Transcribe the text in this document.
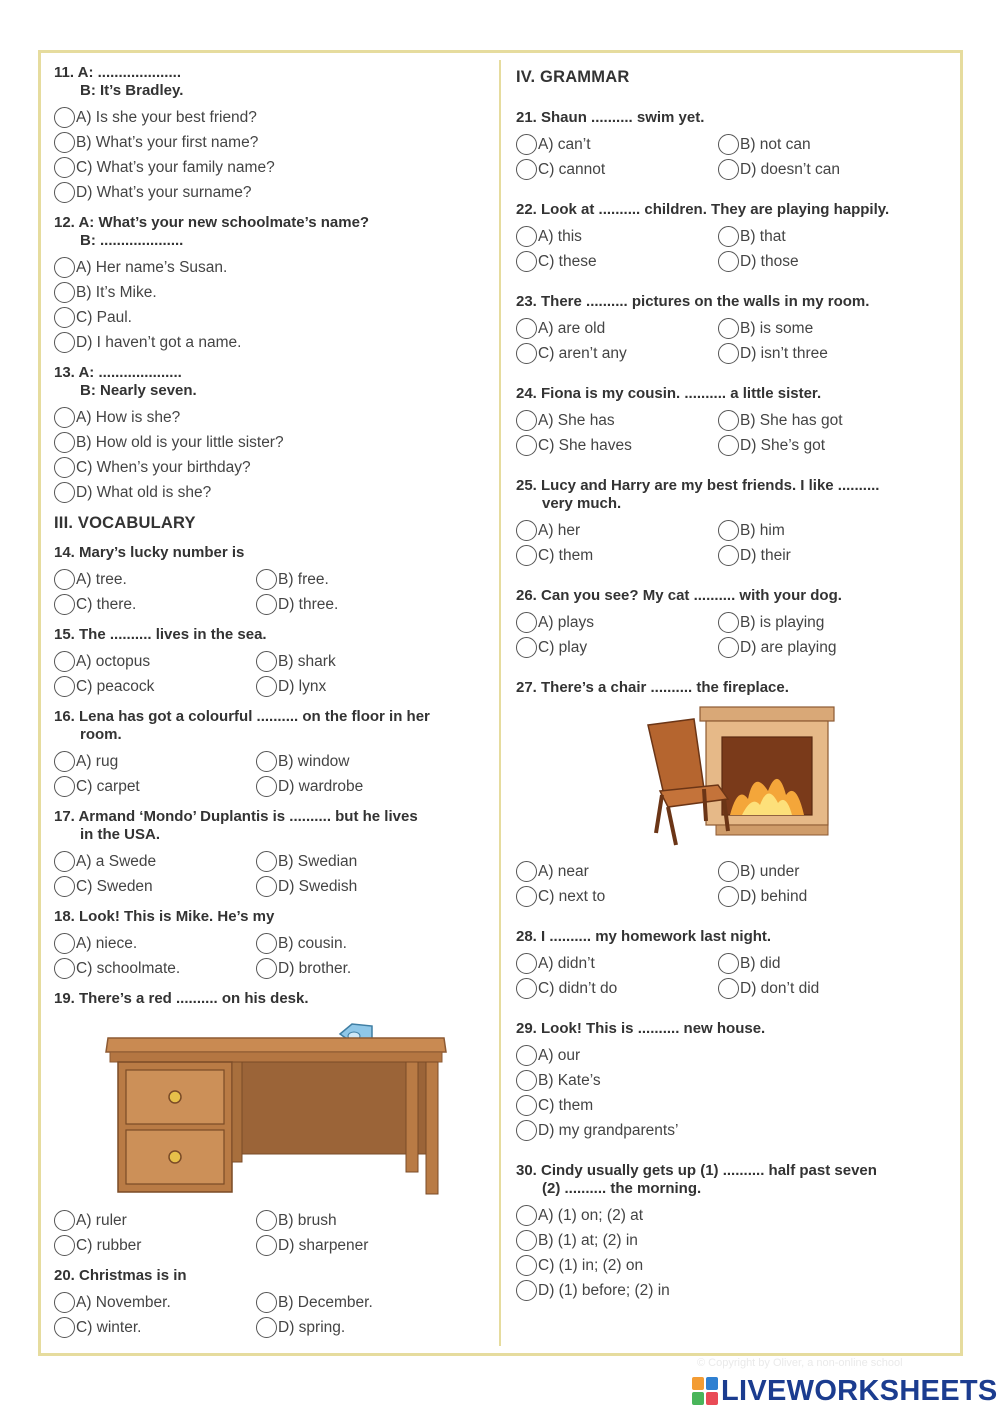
11. A: ....................
B: It’s Bradley.
A) Is she your best friend?
B) What’s your first name?
C) What’s your family name?
D) What’s your surname?
12. A: What’s your new schoolmate’s name?
B: ....................
A) Her name’s Susan.
B) It’s Mike.
C) Paul.
D) I haven’t got a name.
13. A: ....................
B: Nearly seven.
A) How is she?
B) How old is your little sister?
C) When’s your birthday?
D) What old is she?
III. VOCABULARY
14. Mary’s lucky number is
A) tree.	B) free.
C) there.	D) three.
15. The .......... lives in the sea.
A) octopus	B) shark
C) peacock	D) lynx
16. Lena has got a colourful .......... on the floor in her
room.
A) rug	B) window
C) carpet	D) wardrobe
17. Armand ‘Mondo’ Duplantis is .......... but he lives
in the USA.
A) a Swede	B) Swedian
C) Sweden	D) Swedish
18. Look! This is Mike. He’s my
A) niece.	B) cousin.
C) schoolmate.	D) brother.
19. There’s a red .......... on his desk.
A) ruler	B) brush
C) rubber	D) sharpener
20. Christmas is in
A) November.	B) December.
C) winter.	D) spring.
IV. GRAMMAR
21. Shaun .......... swim yet.
A) can’t	B) not can
C) cannot	D) doesn’t can
22. Look at .......... children. They are playing happily.
A) this	B) that
C) these	D) those
23. There .......... pictures on the walls in my room.
A) are old	B) is some
C) aren’t any	D) isn’t three
24. Fiona is my cousin. .......... a little sister.
A) She has	B) She has got
C) She haves	D) She’s got
25. Lucy and Harry are my best friends. I like ..........
very much.
A) her	B) him
C) them	D) their
26. Can you see? My cat .......... with your dog.
A) plays	B) is playing
C) play	D) are playing
27. There’s a chair .......... the fireplace.
A) near	B) under
C) next to	D) behind
28. I .......... my homework last night.
A) didn’t	B) did
C) didn’t do	D) don’t did
29. Look! This is .......... new house.
A) our
B) Kate’s
C) them
D) my grandparents’
30. Cindy usually gets up (1) .......... half past seven
(2) .......... the morning.
A) (1) on; (2) at
B) (1) at; (2) in
C) (1) in; (2) on
D) (1) before; (2) in
© Copyright by Oliver, a non-online school
LIVEWORKSHEETS
